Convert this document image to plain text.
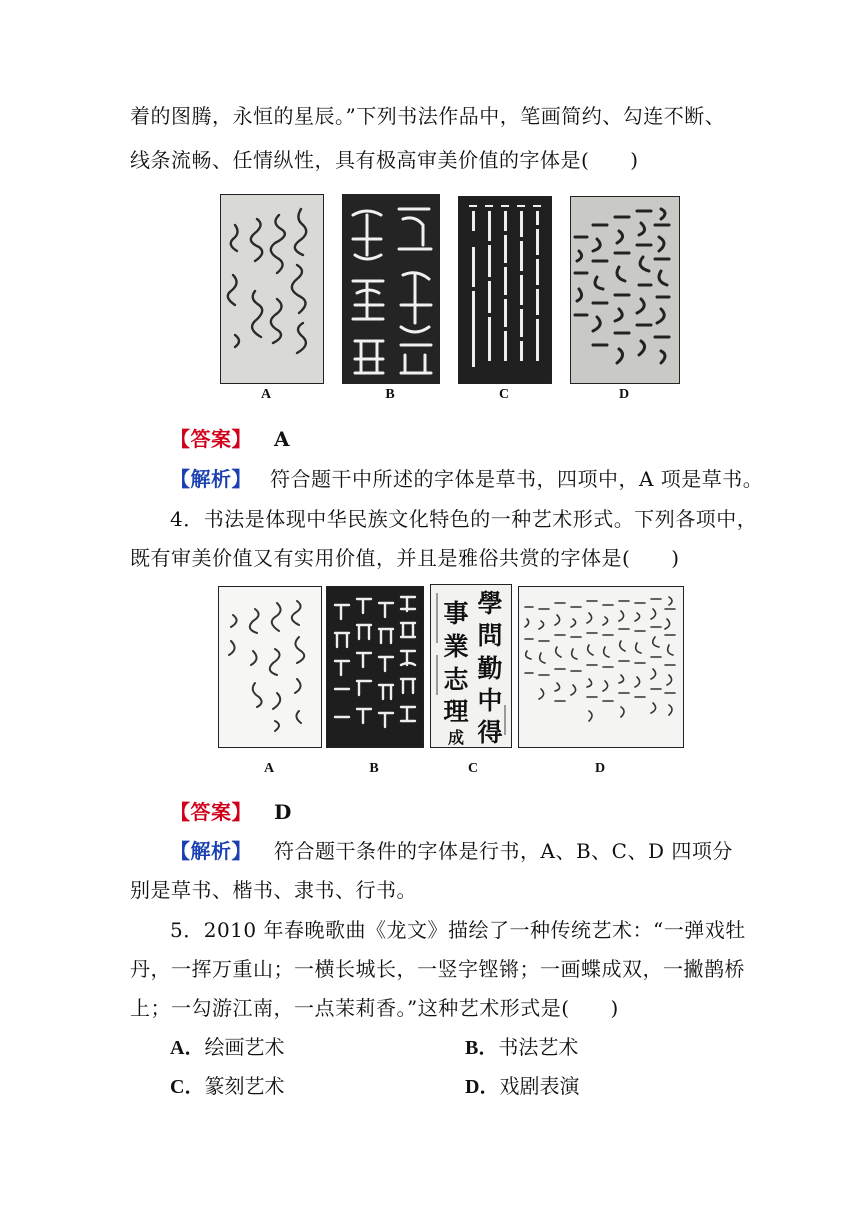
着的图腾，永恒的星辰。”下列书法作品中，笔画简约、勾连不断、
线条流畅、任情纵性，具有极高审美价值的字体是(　　)
A	B	C	D
【答案】 A
【解析】 符合题干中所述的字体是草书，四项中，A 项是草书。
4．书法是体现中华民族文化特色的一种艺术形式。下列各项中，
既有审美价值又有实用价值，并且是雅俗共赏的字体是(　　)
學
事
問
業
勤
志
中
理
得
成
A	B	C	D
【答案】 D
【解析】 符合题干条件的字体是行书，A、B、C、D 四项分
别是草书、楷书、隶书、行书。
5．2010 年春晚歌曲《龙文》描绘了一种传统艺术：“一弹戏牡
丹，一挥万重山；一横长城长，一竖字铿锵；一画蝶成双，一撇鹊桥
上；一勾游江南，一点茉莉香。”这种艺术形式是(　　)
A．绘画艺术	B．书法艺术
C．篆刻艺术	D．戏剧表演
